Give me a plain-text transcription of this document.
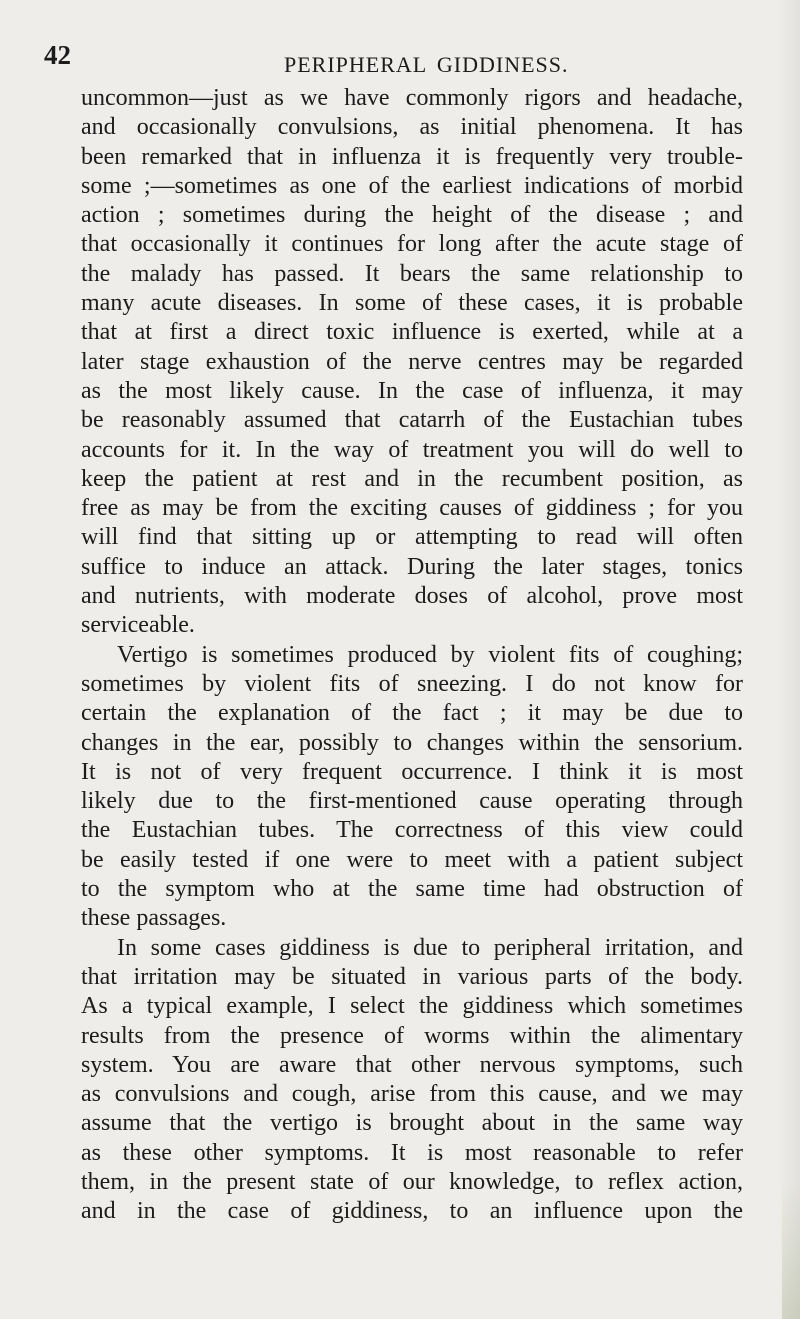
42	PERIPHERAL GIDDINESS.
uncommon—just as we have commonly rigors and headache,
and occasionally convulsions, as initial phenomena. It has
been remarked that in influenza it is frequently very trouble-
some ;—sometimes as one of the earliest indications of morbid
action ; sometimes during the height of the disease ; and
that occasionally it continues for long after the acute stage of
the malady has passed. It bears the same relationship to
many acute diseases. In some of these cases, it is probable
that at first a direct toxic influence is exerted, while at a
later stage exhaustion of the nerve centres may be regarded
as the most likely cause. In the case of influenza, it may
be reasonably assumed that catarrh of the Eustachian tubes
accounts for it. In the way of treatment you will do well to
keep the patient at rest and in the recumbent position, as
free as may be from the exciting causes of giddiness ; for you
will find that sitting up or attempting to read will often
suffice to induce an attack. During the later stages, tonics
and nutrients, with moderate doses of alcohol, prove most
serviceable.
Vertigo is sometimes produced by violent fits of coughing;
sometimes by violent fits of sneezing. I do not know for
certain the explanation of the fact ; it may be due to
changes in the ear, possibly to changes within the sensorium.
It is not of very frequent occurrence. I think it is most
likely due to the first-mentioned cause operating through
the Eustachian tubes. The correctness of this view could
be easily tested if one were to meet with a patient subject
to the symptom who at the same time had obstruction of
these passages.
In some cases giddiness is due to peripheral irritation, and
that irritation may be situated in various parts of the body.
As a typical example, I select the giddiness which sometimes
results from the presence of worms within the alimentary
system. You are aware that other nervous symptoms, such
as convulsions and cough, arise from this cause, and we may
assume that the vertigo is brought about in the same way
as these other symptoms. It is most reasonable to refer
them, in the present state of our knowledge, to reflex action,
and in the case of giddiness, to an influence upon the
